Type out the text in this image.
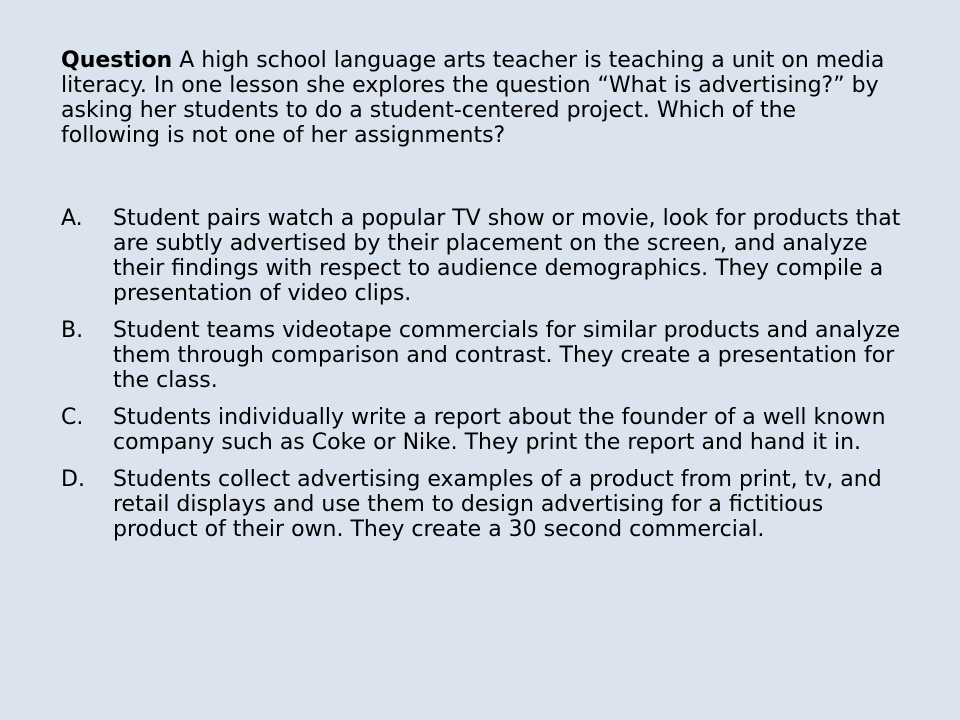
Question A high school language arts teacher is teaching a unit on media literacy. In one lesson she explores the question “What is advertising?” by asking her students to do a student-centered project. Which of the following is not one of her assignments?

A.	Student pairs watch a popular TV show or movie, look for products that are subtly advertised by their placement on the screen, and analyze their findings with respect to audience demographics. They compile a presentation of video clips.
B.	Student teams videotape commercials for similar products and analyze them through comparison and contrast. They create a presentation for the class.
C.	Students individually write a report about the founder of a well known company such as Coke or Nike. They print the report and hand it in.
D.	Students collect advertising examples of a product from print, tv, and retail displays and use them to design advertising for a fictitious product of their own. They create a 30 second commercial.
